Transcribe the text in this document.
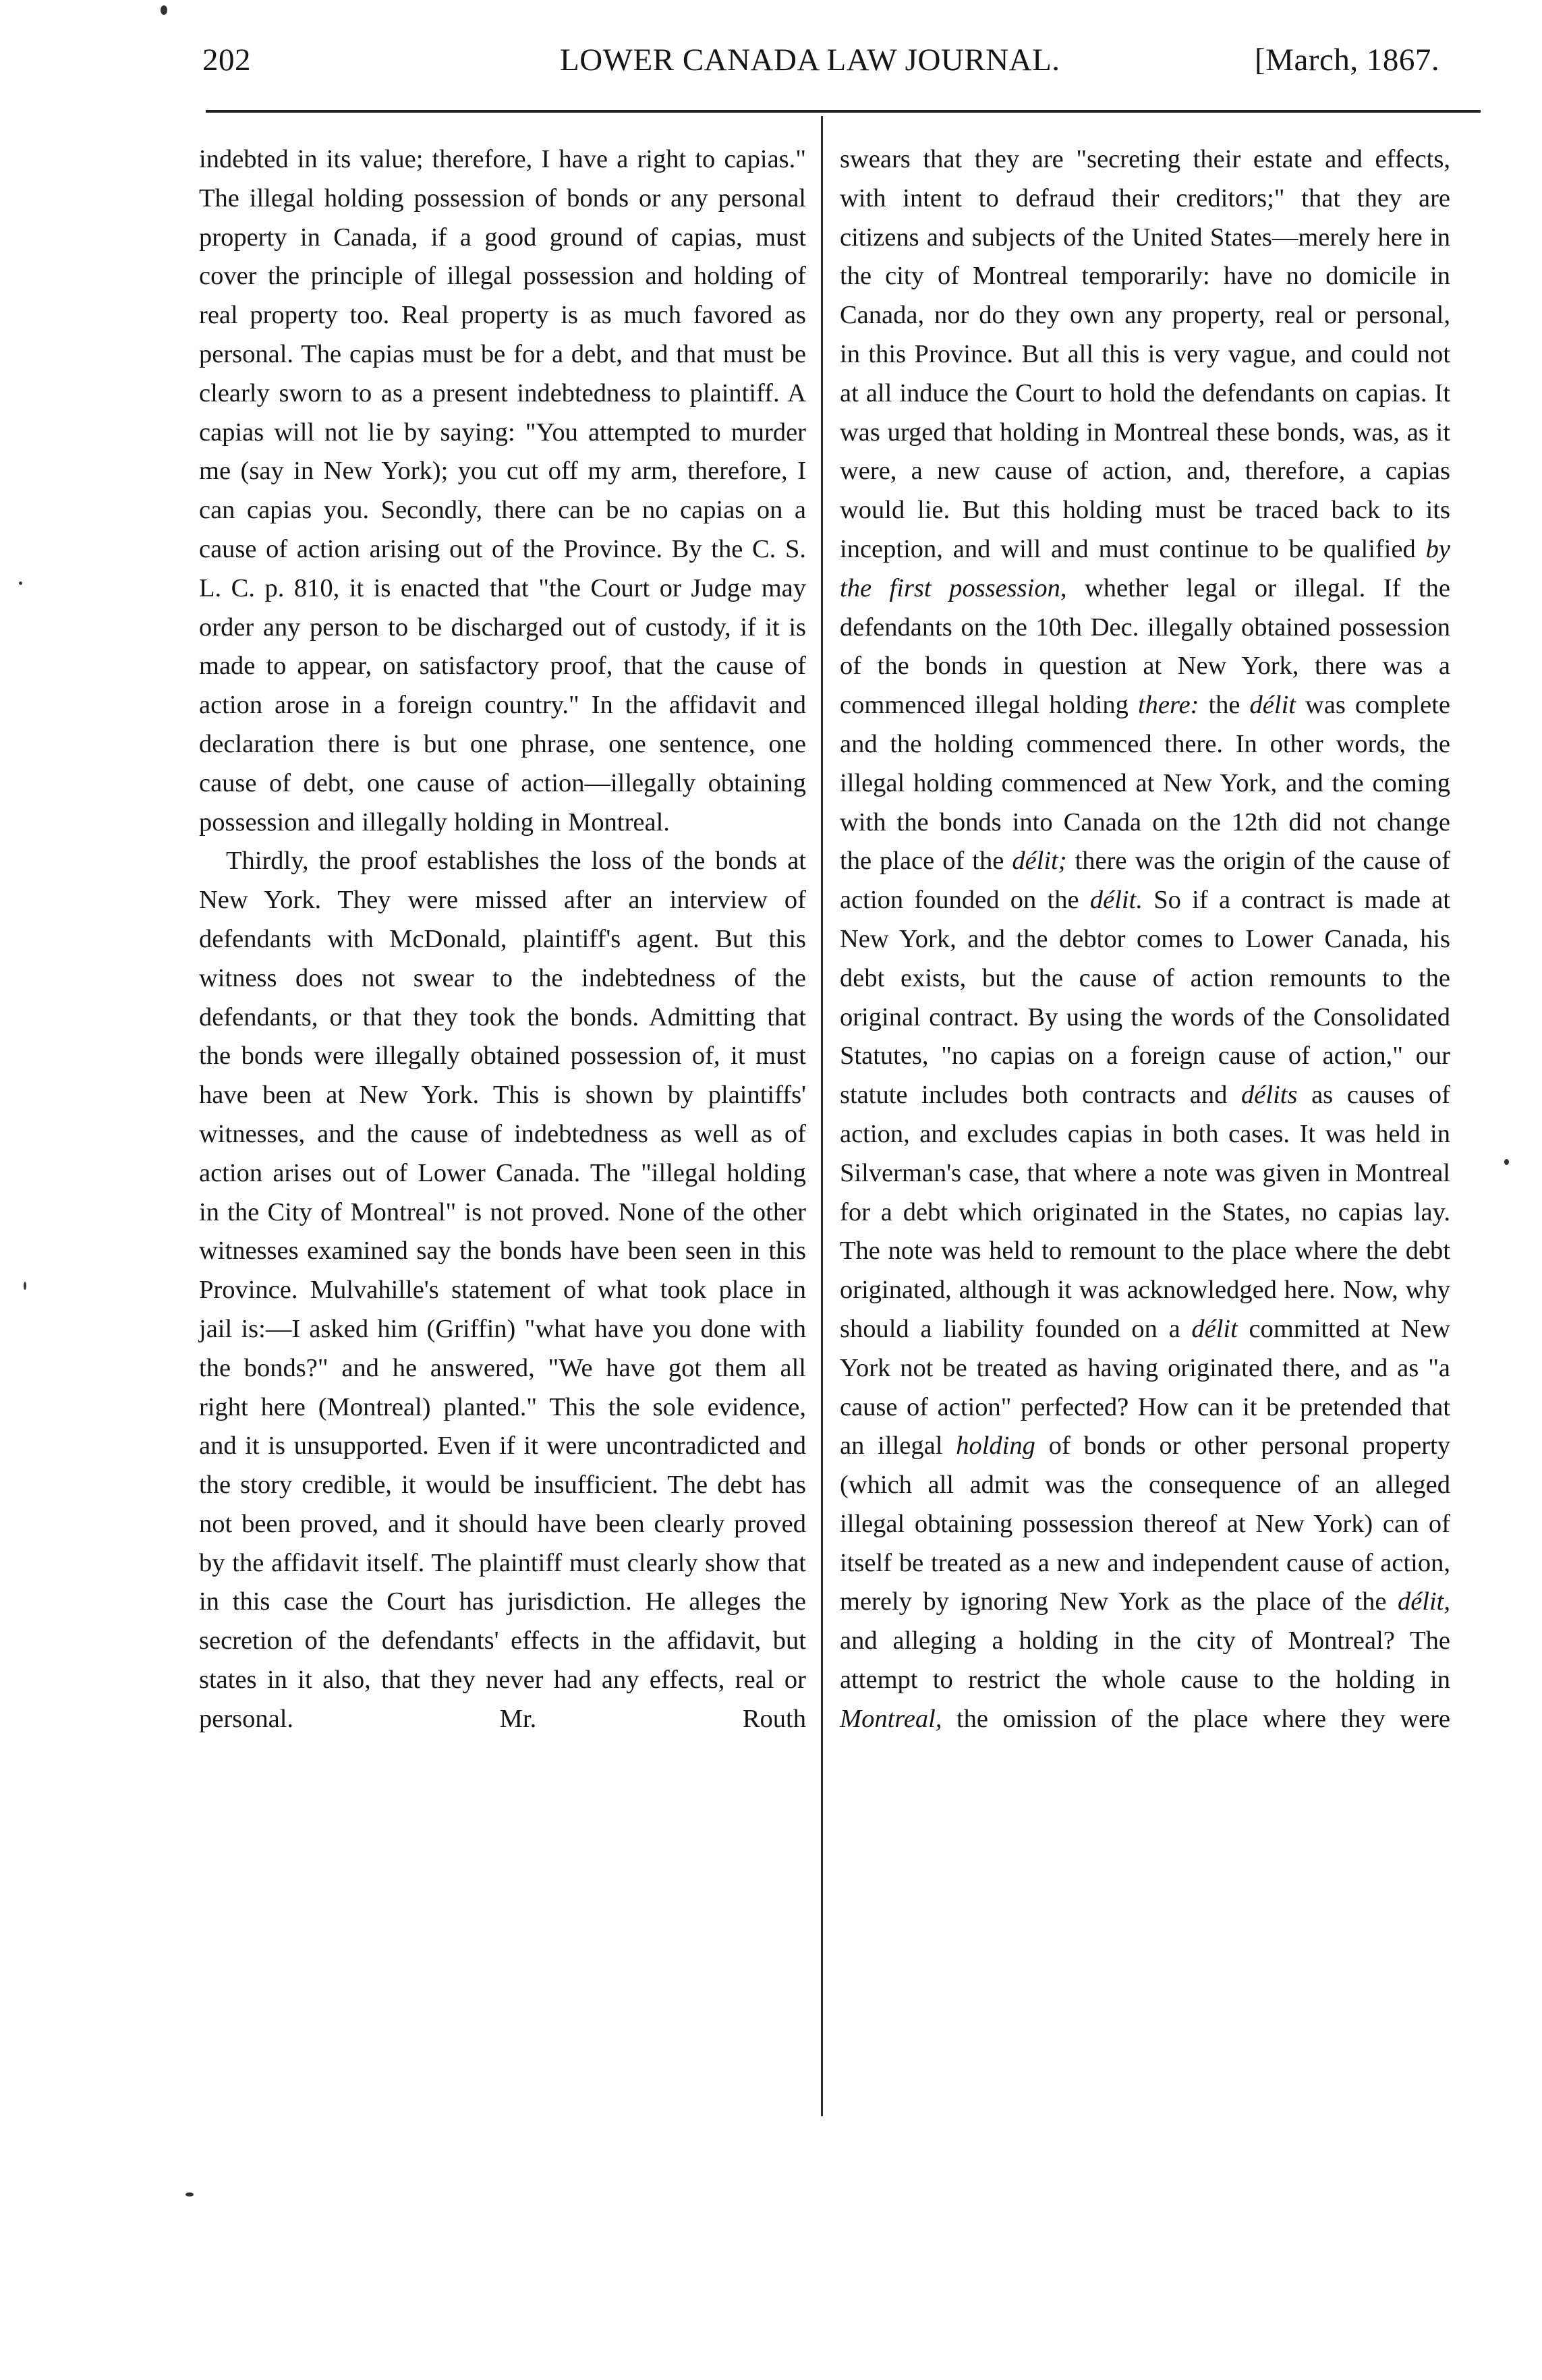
202	LOWER CANADA LAW JOURNAL.	[March, 1867.

indebted in its value; therefore, I have a right to capias." The illegal holding possession of bonds or any personal property in Canada, if a good ground of capias, must cover the principle of illegal possession and holding of real property too. Real property is as much favored as personal. The capias must be for a debt, and that must be clearly sworn to as a present indebtedness to plaintiff. A capias will not lie by saying: "You attempted to murder me (say in New York); you cut off my arm, therefore, I can capias you. Secondly, there can be no capias on a cause of action arising out of the Province. By the C. S. L. C. p. 810, it is enacted that "the Court or Judge may order any person to be discharged out of custody, if it is made to appear, on satisfactory proof, that the cause of action arose in a foreign country." In the affidavit and declaration there is but one phrase, one sentence, one cause of debt, one cause of action—illegally obtaining possession and illegally holding in Montreal.

Thirdly, the proof establishes the loss of the bonds at New York. They were missed after an interview of defendants with McDonald, plaintiff's agent. But this witness does not swear to the indebtedness of the defendants, or that they took the bonds. Admitting that the bonds were illegally obtained possession of, it must have been at New York. This is shown by plaintiffs' witnesses, and the cause of indebtedness as well as of action arises out of Lower Canada. The "illegal holding in the City of Montreal" is not proved. None of the other witnesses examined say the bonds have been seen in this Province. Mulvahille's statement of what took place in jail is:—I asked him (Griffin) "what have you done with the bonds?" and he answered, "We have got them all right here (Montreal) planted." This the sole evidence, and it is unsupported. Even if it were uncontradicted and the story credible, it would be insufficient. The debt has not been proved, and it should have been clearly proved by the affidavit itself. The plaintiff must clearly show that in this case the Court has jurisdiction. He alleges the secretion of the defendants' effects in the affidavit, but states in it also, that they never had any effects, real or personal. Mr. Routh

swears that they are "secreting their estate and effects, with intent to defraud their creditors;" that they are citizens and subjects of the United States—merely here in the city of Montreal temporarily: have no domicile in Canada, nor do they own any property, real or personal, in this Province. But all this is very vague, and could not at all induce the Court to hold the defendants on capias. It was urged that holding in Montreal these bonds, was, as it were, a new cause of action, and, therefore, a capias would lie. But this holding must be traced back to its inception, and will and must continue to be qualified by the first possession, whether legal or illegal. If the defendants on the 10th Dec. illegally obtained possession of the bonds in question at New York, there was a commenced illegal holding there: the délit was complete and the holding commenced there. In other words, the illegal holding commenced at New York, and the coming with the bonds into Canada on the 12th did not change the place of the délit; there was the origin of the cause of action founded on the délit. So if a contract is made at New York, and the debtor comes to Lower Canada, his debt exists, but the cause of action remounts to the original contract. By using the words of the Consolidated Statutes, "no capias on a foreign cause of action," our statute includes both contracts and délits as causes of action, and excludes capias in both cases. It was held in Silverman's case, that where a note was given in Montreal for a debt which originated in the States, no capias lay. The note was held to remount to the place where the debt originated, although it was acknowledged here. Now, why should a liability founded on a délit committed at New York not be treated as having originated there, and as "a cause of action" perfected? How can it be pretended that an illegal holding of bonds or other personal property (which all admit was the consequence of an alleged illegal obtaining possession thereof at New York) can of itself be treated as a new and independent cause of action, merely by ignoring New York as the place of the délit, and alleging a holding in the city of Montreal? The attempt to restrict the whole cause to the holding in Montreal, the omission of the place where they were
